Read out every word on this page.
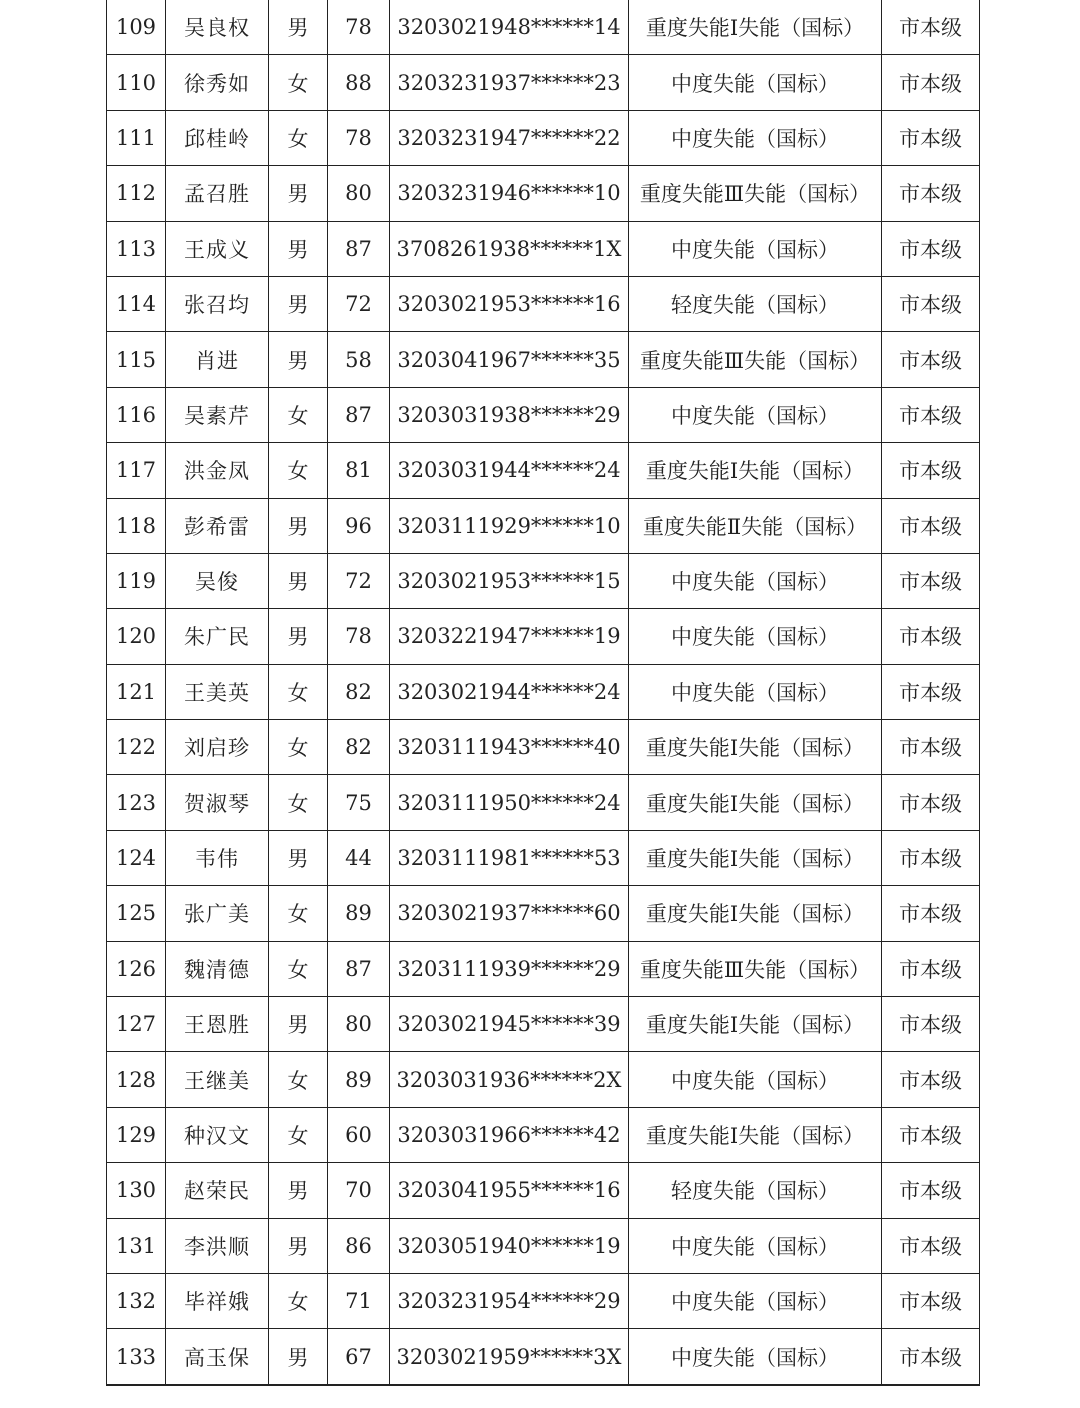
109	吴良权	男	78	3203021948******14	重度失能Ⅰ失能（国标）	市本级
110	徐秀如	女	88	3203231937******23	中度失能（国标）	市本级
111	邱桂岭	女	78	3203231947******22	中度失能（国标）	市本级
112	孟召胜	男	80	3203231946******10	重度失能Ⅲ失能（国标）	市本级
113	王成义	男	87	3708261938******1X	中度失能（国标）	市本级
114	张召均	男	72	3203021953******16	轻度失能（国标）	市本级
115	肖进	男	58	3203041967******35	重度失能Ⅲ失能（国标）	市本级
116	吴素芹	女	87	3203031938******29	中度失能（国标）	市本级
117	洪金凤	女	81	3203031944******24	重度失能Ⅰ失能（国标）	市本级
118	彭希雷	男	96	3203111929******10	重度失能Ⅱ失能（国标）	市本级
119	吴俊	男	72	3203021953******15	中度失能（国标）	市本级
120	朱广民	男	78	3203221947******19	中度失能（国标）	市本级
121	王美英	女	82	3203021944******24	中度失能（国标）	市本级
122	刘启珍	女	82	3203111943******40	重度失能Ⅰ失能（国标）	市本级
123	贺淑琴	女	75	3203111950******24	重度失能Ⅰ失能（国标）	市本级
124	韦伟	男	44	3203111981******53	重度失能Ⅰ失能（国标）	市本级
125	张广美	女	89	3203021937******60	重度失能Ⅰ失能（国标）	市本级
126	魏清德	女	87	3203111939******29	重度失能Ⅲ失能（国标）	市本级
127	王恩胜	男	80	3203021945******39	重度失能Ⅰ失能（国标）	市本级
128	王继美	女	89	3203031936******2X	中度失能（国标）	市本级
129	种汉文	女	60	3203031966******42	重度失能Ⅰ失能（国标）	市本级
130	赵荣民	男	70	3203041955******16	轻度失能（国标）	市本级
131	李洪顺	男	86	3203051940******19	中度失能（国标）	市本级
132	毕祥娥	女	71	3203231954******29	中度失能（国标）	市本级
133	高玉保	男	67	3203021959******3X	中度失能（国标）	市本级
